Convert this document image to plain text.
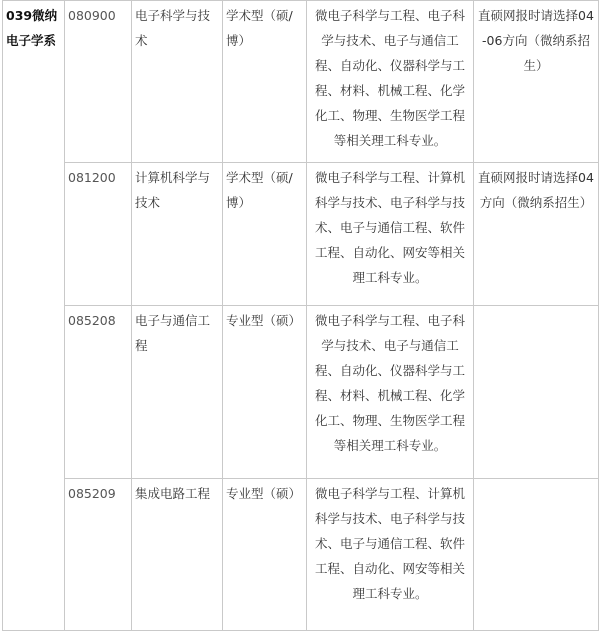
039微纳电子学系	080900	电子科学与技术	学术型（硕/博）	微电子科学与工程、电子科学与技术、电子与通信工程、自动化、仪器科学与工程、材料、机械工程、化学化工、物理、生物医学工程等相关理工科专业。	直硕网报时请选择04-06方向（微纳系招生）
	081200	计算机科学与技术	学术型（硕/博）	微电子科学与工程、计算机科学与技术、电子科学与技术、电子与通信工程、软件工程、自动化、网安等相关理工科专业。	直硕网报时请选择04方向（微纳系招生）
	085208	电子与通信工程	专业型（硕）	微电子科学与工程、电子科学与技术、电子与通信工程、自动化、仪器科学与工程、材料、机械工程、化学化工、物理、生物医学工程等相关理工科专业。	
	085209	集成电路工程	专业型（硕）	微电子科学与工程、计算机科学与技术、电子科学与技术、电子与通信工程、软件工程、自动化、网安等相关理工科专业。	
